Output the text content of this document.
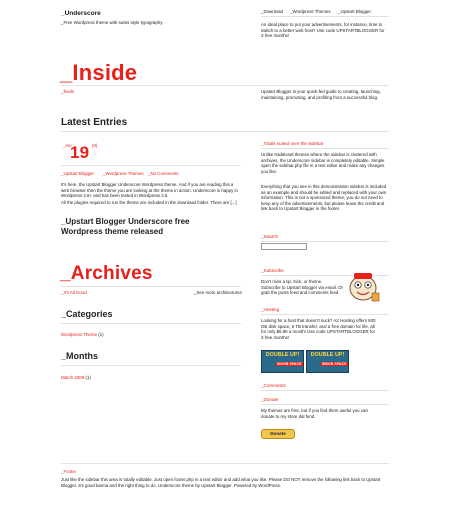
_Underscore
_Free Wordpress theme with swiss style typography
_Download _Wordpress Themes _Upstart Blogger
An ideal place to put your advertisements, for instance, time to switch to a better web host? Use code UPSTARTBLOGGER for 3 free months!
_Inside
_feeds	Upstart Blogger is your quick-fed guide to creating, launching, maintaining, promoting, and profiting from a successful blog.
Latest Entries
_mo
19 (0)
_Upstart Blogger _Wordpress Themes _No Comments
It's here, the Upstart Blogger Underscore Wordpress theme. And if you are reading this a web browser then the theme you are looking at the theme in action. Underscore is happy in Wordpress 2.6+ and has been tested in Wordpress 2.6.
All the plugins required to run the theme are included in the download folder. There are [...]
_Upstart Blogger Underscore free
Wordpress theme released
_Archives
_It's All Good	_See more architectures
_Categories
Wordpress Theme (1)
_Months
March 2009 (1)
_Totals suited over the sidebar
Unlike traditional themes where the sidebar is cluttered with archives, the Underscore sidebar is completely editable. Simple open the sidebar.php file in a text editor and make any changes you like.
Everything that you see in this demonstration sidebar is included as an example and should be edited and replaced with your own information. This is not a sponsored theme, you do not need to keep any of the advertisements, but please leave the credit and link back to Upstart Blogger in the footer.
_Search
_Subscribe
Don't miss a tip, trick, or theme. Subscribe to Upstart Blogger via email. Or grab the posts feed and comments feed.
_Hosting
Looking for a host that doesn't suck? A2 Hosting offers 500 GB disk space, 5 TB transfer, and a free domain for life, all for only $6.95 a month! Use code UPSTARTBLOGGER for 3 free months!
DOUBLE UP!
500GB SPACE
DOUBLE UP!
500GB SPACE
_Comments
_Donate
My themes are free, but if you find them useful you can donate to my store dal fund.
Donate
_Footer
Just like the sidebar this area is totally editable. Just open footer.php in a text editor and add what you like. Please DO NOT remove the following link back to Upstart Blogger. It's good karma and the right thing to do. Underscore theme by Upstart Blogger. Powered by WordPress.
